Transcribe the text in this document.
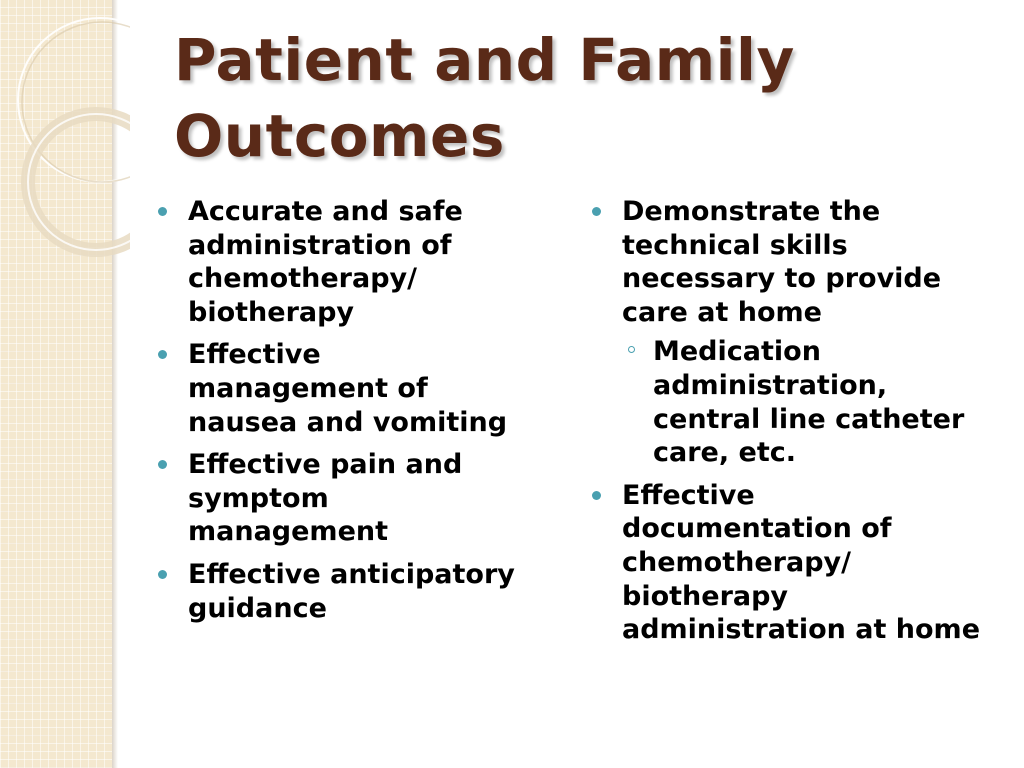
Patient and Family Outcomes
Accurate and safe administration of chemotherapy/ biotherapy
Effective management of nausea and vomiting
Effective pain and symptom management
Effective anticipatory guidance
Demonstrate the technical skills necessary to provide care at home
Medication administration, central line catheter care, etc.
Effective documentation of chemotherapy/ biotherapy administration at home
